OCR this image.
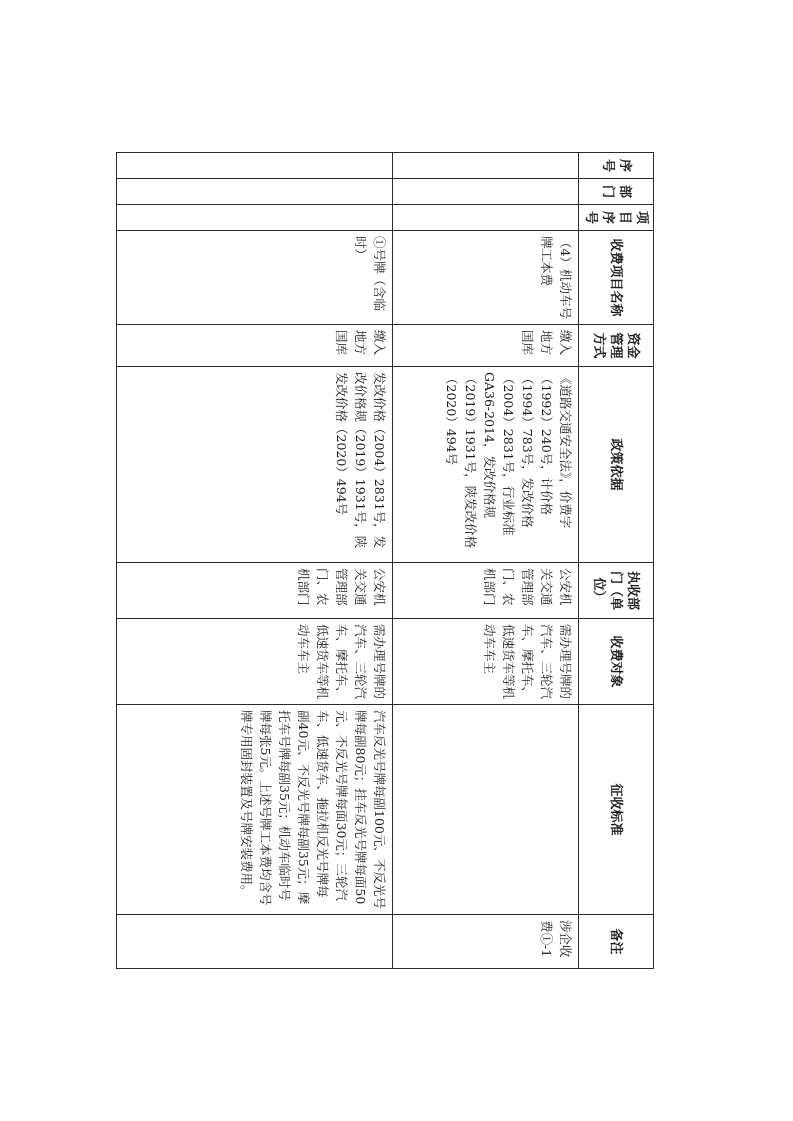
序号	部门	项目序号	收费项目名称	资金管理方式	政策依据	执收部门（单位）	收费对象	征收标准	备注
			（4）机动车号牌工本费	缴入地方国库	《道路交通安全法》，价费字（1992）240号，计价格（1994）783号，发改价格（2004）2831号，行业标准GA36-2014，发改价格规（2019）1931号，陕发改价格（2020）494号	公安机关交通管理部门、农机部门	需办理号牌的汽车、三轮汽车、摩托车、低速货车等机动车车主		涉企收费①-1
			①号牌（含临时）	缴入地方国库	发改价格（2004）2831号，发改价格规（2019）1931号，陕发改价格（2020）494号	公安机关交通管理部门、农机部门	需办理号牌的汽车、三轮汽车、摩托车、低速货车等机动车车主	汽车反光号牌每副100元、不反光号牌每副80元；挂车反光号牌每面50元、不反光号牌每面30元；三轮汽车、低速货车、拖拉机反光号牌每副40元、不反光号牌每副35元；摩托车号牌每副35元；机动车临时号牌每张5元。上述号牌工本费均含号牌专用固封装置及号牌安装费用。	
